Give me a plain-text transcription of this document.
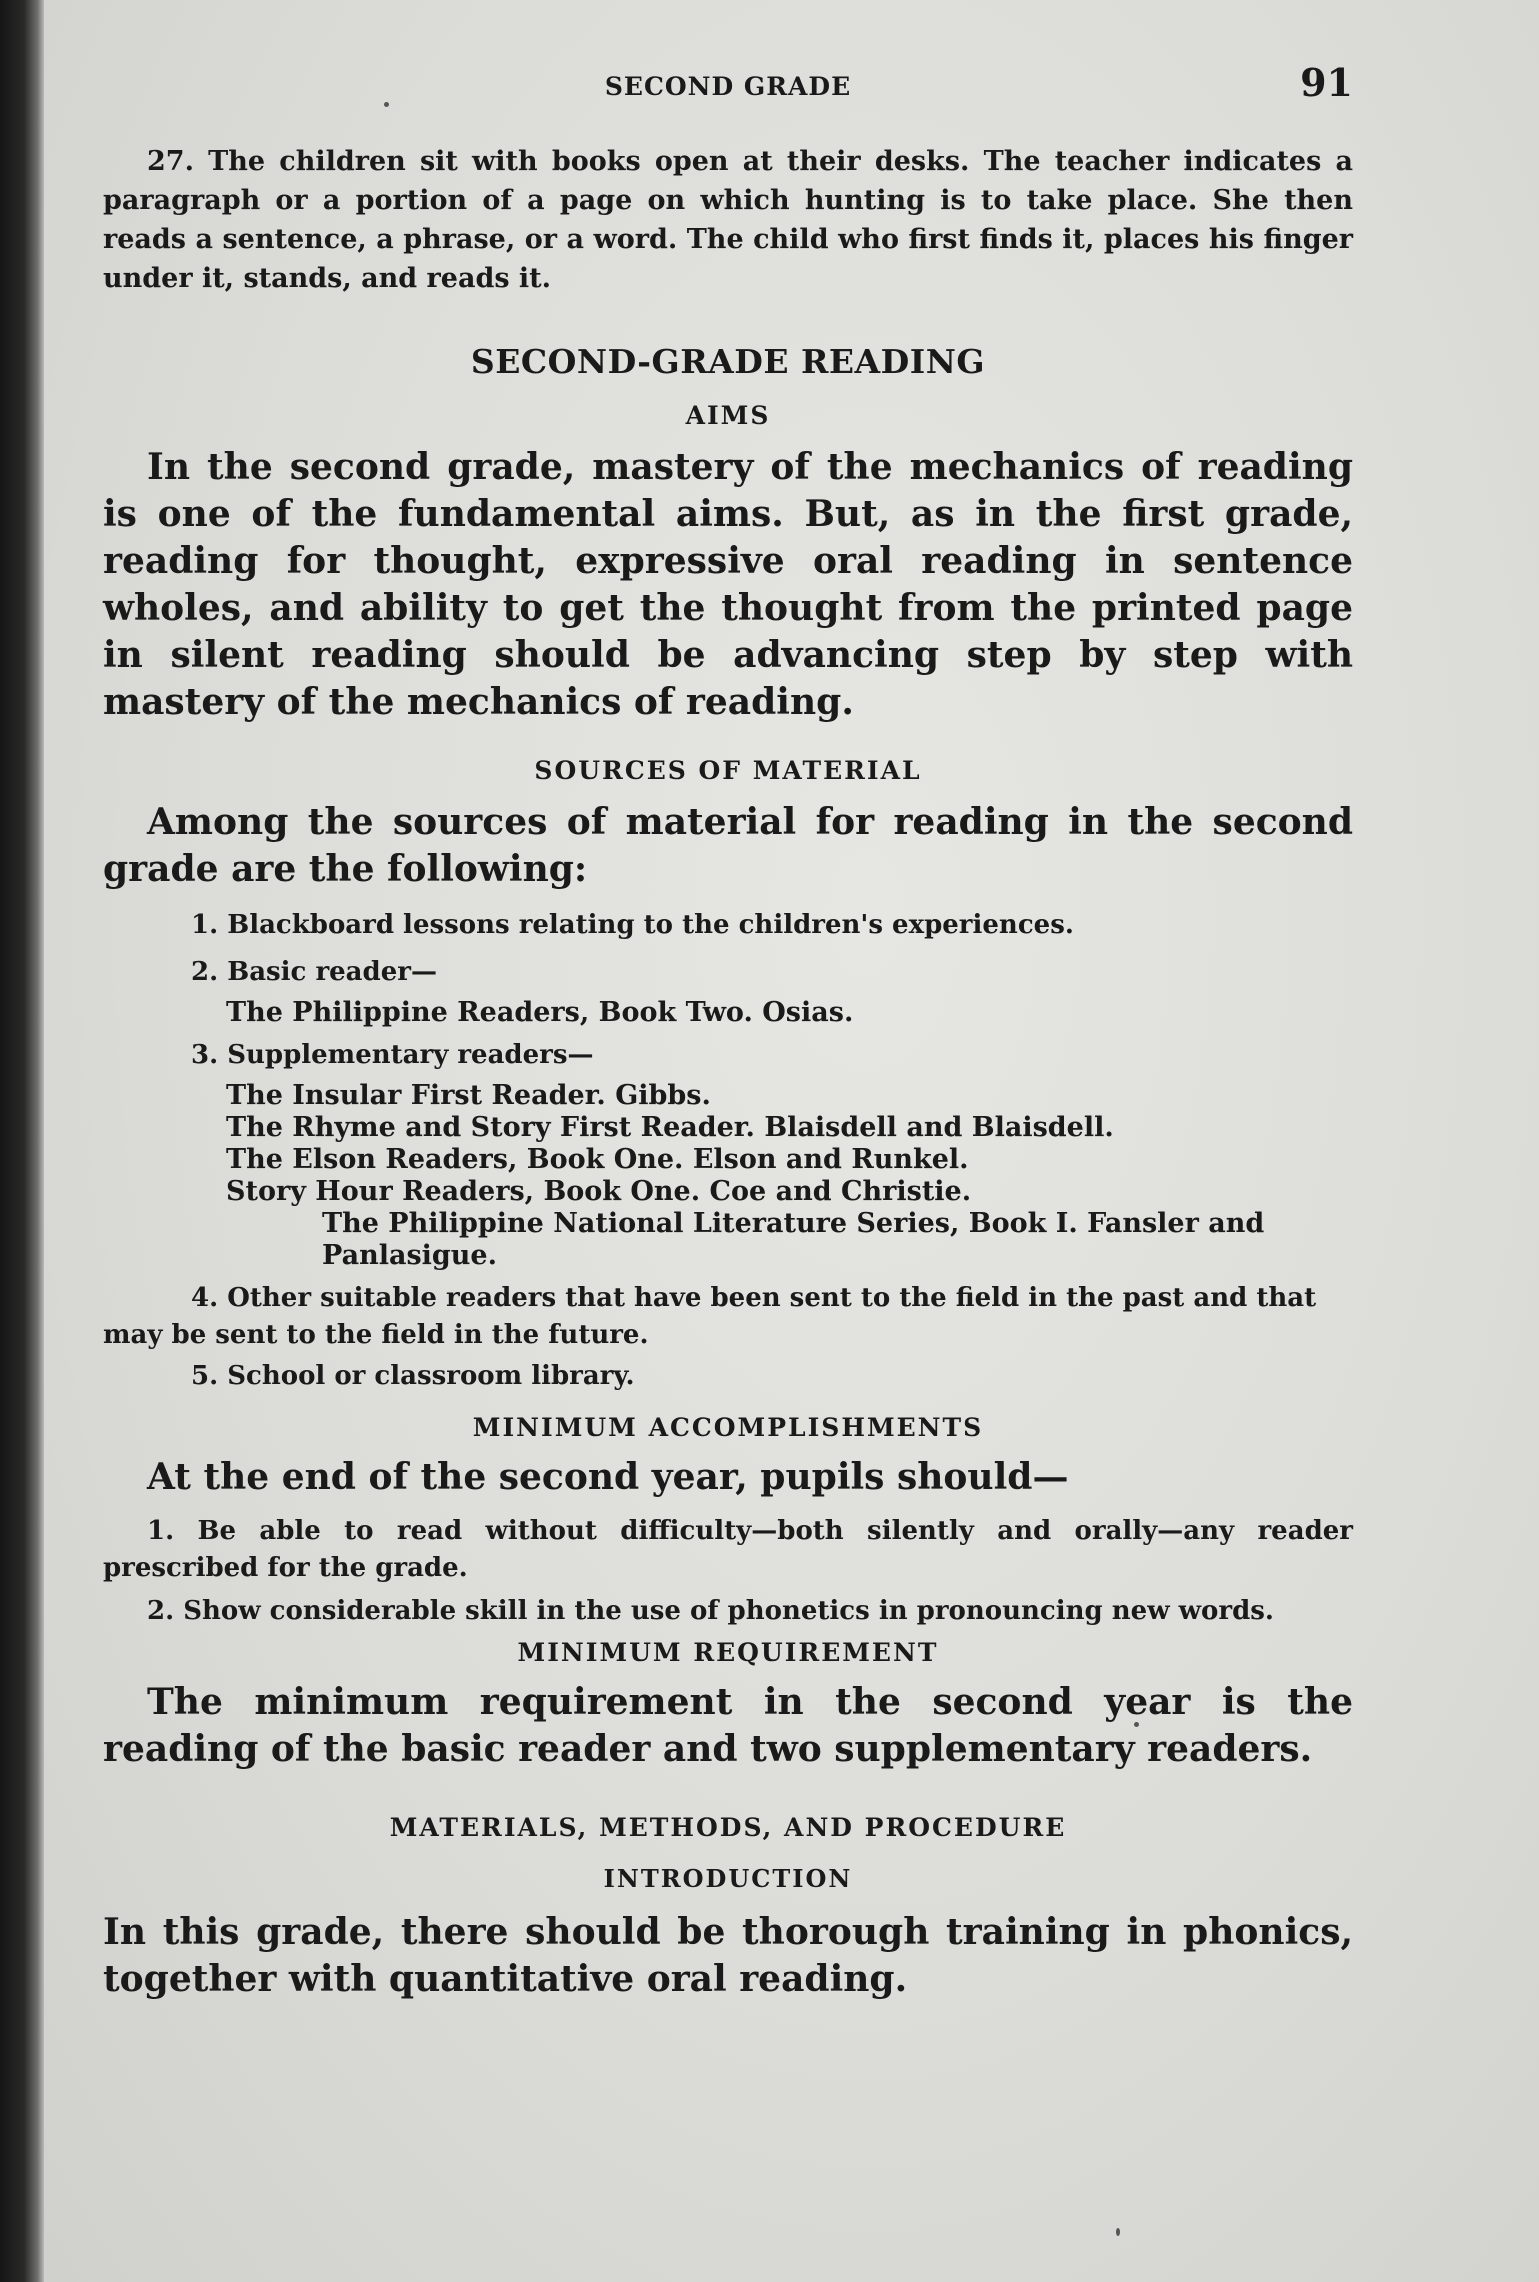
SECOND GRADE	91

27. The children sit with books open at their desks. The teacher indicates a paragraph or a portion of a page on which hunting is to take place. She then reads a sentence, a phrase, or a word. The child who first finds it, places his finger under it, stands, and reads it.

SECOND-GRADE READING
AIMS

In the second grade, mastery of the mechanics of reading is one of the fundamental aims. But, as in the first grade, reading for thought, expressive oral reading in sentence wholes, and ability to get the thought from the printed page in silent reading should be advancing step by step with mastery of the mechanics of reading.

SOURCES OF MATERIAL

Among the sources of material for reading in the second grade are the following:

1. Blackboard lessons relating to the children's experiences.
2. Basic reader—
The Philippine Readers, Book Two. Osias.
3. Supplementary readers—
The Insular First Reader. Gibbs.
The Rhyme and Story First Reader. Blaisdell and Blaisdell.
The Elson Readers, Book One. Elson and Runkel.
Story Hour Readers, Book One. Coe and Christie.
The Philippine National Literature Series, Book I. Fansler and Panlasigue.
4. Other suitable readers that have been sent to the field in the past and that may be sent to the field in the future.
5. School or classroom library.
MINIMUM ACCOMPLISHMENTS

At the end of the second year, pupils should—

1. Be able to read without difficulty—both silently and orally—any reader prescribed for the grade.

2. Show considerable skill in the use of phonetics in pronouncing new words.

MINIMUM REQUIREMENT

The minimum requirement in the second year is the reading of the basic reader and two supplementary readers.

MATERIALS, METHODS, AND PROCEDURE
INTRODUCTION

In this grade, there should be thorough training in phonics, together with quantitative oral reading.
